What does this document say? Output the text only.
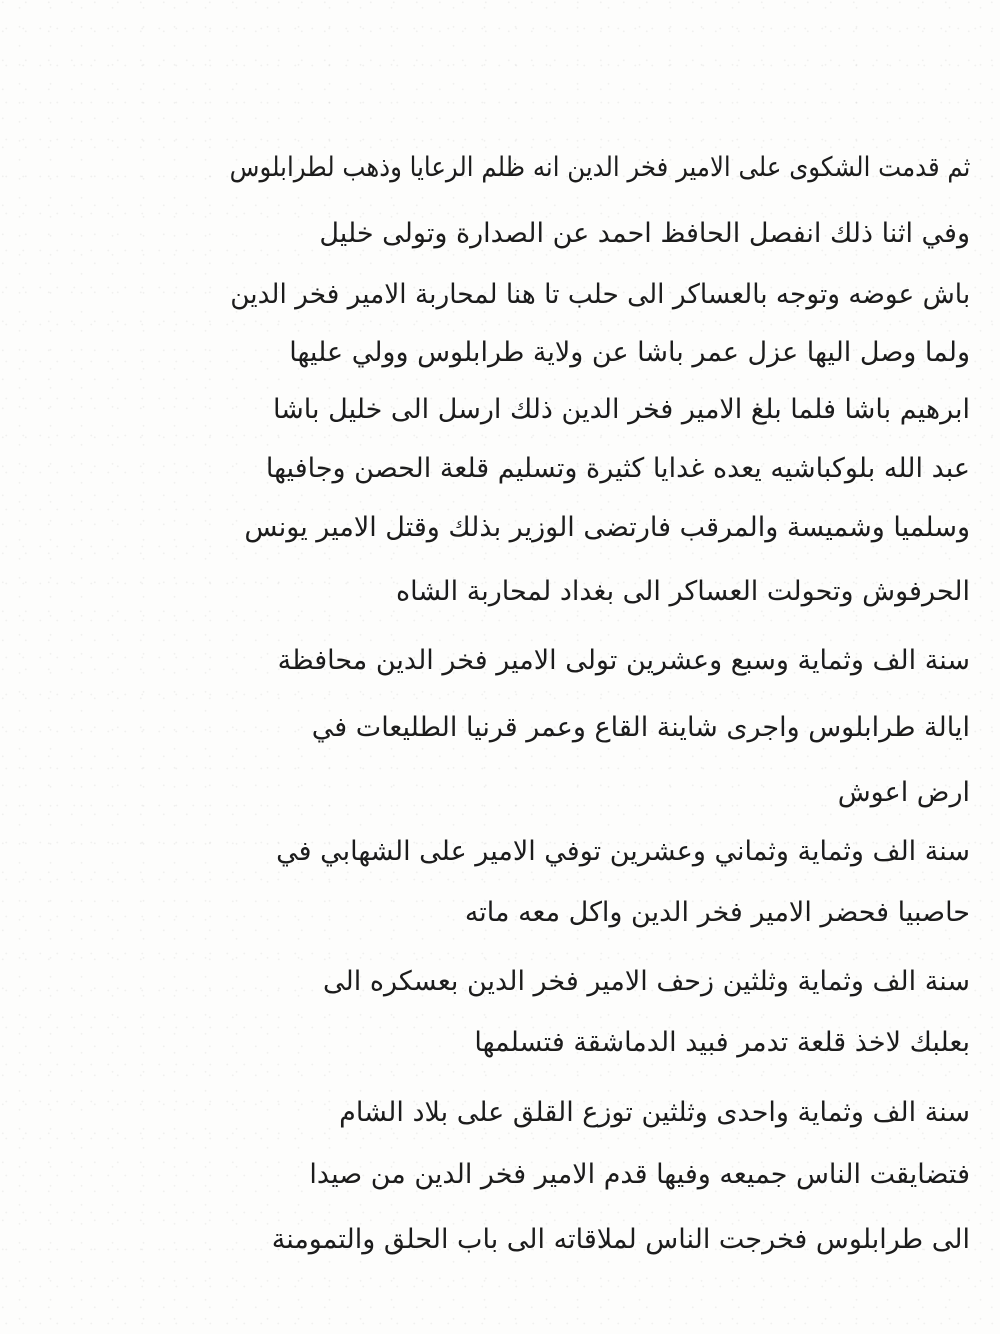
ثم قدمت الشكوى على الامير فخر الدين انه ظلم الرعايا وذهب لطرابلوس
وفي اثنا ذلك انفصل الحافظ احمد عن الصدارة وتولى خليل
باش عوضه وتوجه بالعساكر الى حلب تا هنا لمحاربة الامير فخر الدين
ولما وصل اليها عزل عمر باشا عن ولاية طرابلوس وولي عليها
ابرهيم باشا فلما بلغ الامير فخر الدين ذلك ارسل الى خليل باشا
عبد الله بلوكباشيه يعده غدايا كثيرة وتسليم قلعة الحصن وجافيها
وسلميا وشميسة والمرقب فارتضى الوزير بذلك وقتل الامير يونس
الحرفوش وتحولت العساكر الى بغداد لمحاربة الشاه
سنة الف وثماية وسبع وعشرين تولى الامير فخر الدين محافظة
ايالة طرابلوس واجرى شاينة القاع وعمر قرنيا الطليعات في
ارض اعوش
سنة الف وثماية وثماني وعشرين توفي الامير على الشهابي في
حاصبيا فحضر الامير فخر الدين واكل معه ماته
سنة الف وثماية وثلثين زحف الامير فخر الدين بعسكره الى
بعلبك لاخذ قلعة تدمر فبيد الدماشقة فتسلمها
سنة الف وثماية واحدى وثلثين توزع القلق على بلاد الشام
فتضايقت الناس جميعه وفيها قدم الامير فخر الدين من صيدا
الى طرابلوس فخرجت الناس لملاقاته الى باب الحلق والتمومنة
